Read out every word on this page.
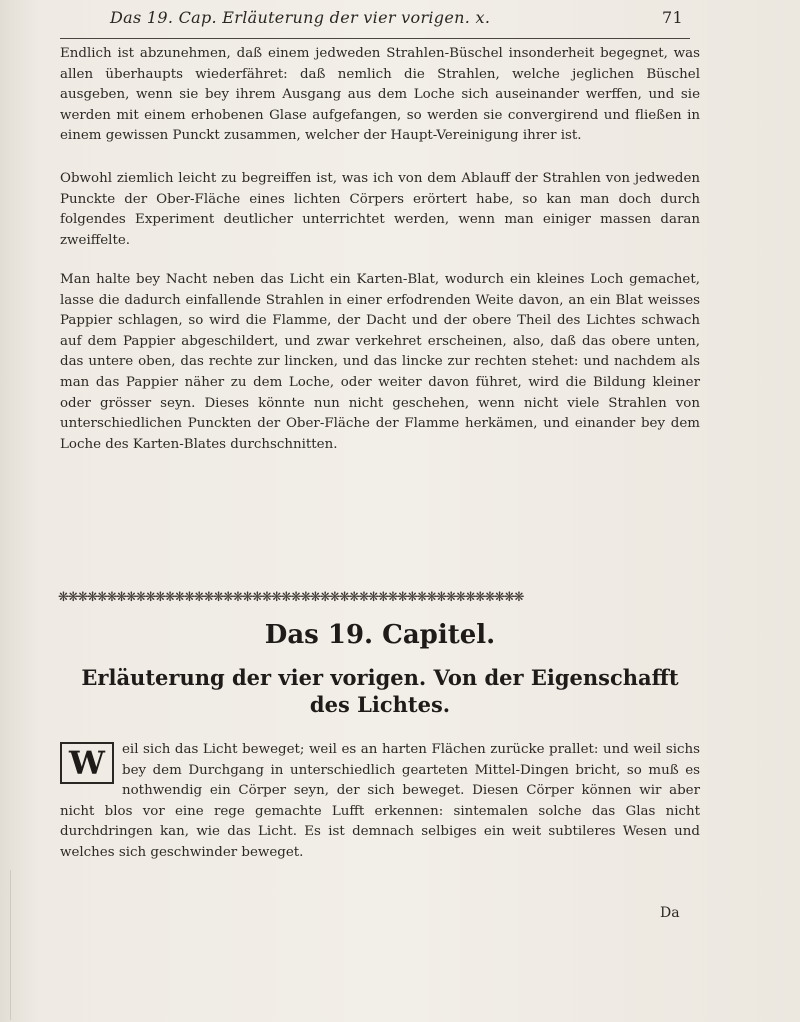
Das 19. Cap. Erläuterung der vier vorigen. x.	71
Endlich ist abzunehmen, daß einem jedweden Strahlen-Büschel insonderheit begegnet, was allen überhaupts wiederfähret: daß nemlich die Strahlen, welche jeglichen Büschel ausgeben, wenn sie bey ihrem Ausgang aus dem Loche sich auseinander werffen, und sie werden mit einem erhobenen Glase aufgefangen, so werden sie convergirend und fließen in einem gewissen Punckt zusammen, welcher der Haupt-Vereinigung ihrer ist.
Obwohl ziemlich leicht zu begreiffen ist, was ich von dem Ablauff der Strahlen von jedweden Punckte der Ober-Fläche eines lichten Cörpers erörtert habe, so kan man doch durch folgendes Experiment deutlicher unterrichtet werden, wenn man einiger massen daran zweiffelte.
Man halte bey Nacht neben das Licht ein Karten-Blat, wodurch ein kleines Loch gemachet, lasse die dadurch einfallende Strahlen in einer erfodrenden Weite davon, an ein Blat weisses Pappier schlagen, so wird die Flamme, der Dacht und der obere Theil des Lichtes schwach auf dem Pappier abgeschildert, und zwar verkehret erscheinen, also, daß das obere unten, das untere oben, das rechte zur lincken, und das lincke zur rechten stehet: und nachdem als man das Pappier näher zu dem Loche, oder weiter davon führet, wird die Bildung kleiner oder grösser seyn. Dieses könnte nun nicht geschehen, wenn nicht viele Strahlen von unterschiedlichen Punckten der Ober-Fläche der Flamme herkämen, und einander bey dem Loche des Karten-Blates durchschnitten.
❋❋❋❋❋❋❋❋❋❋❋❋❋❋❋❋❋❋❋❋❋❋❋❋❋❋❋❋❋❋❋❋❋❋❋❋❋❋❋❋❋❋❋❋❋❋❋❋
Das 19. Capitel.
Erläuterung der vier vorigen. Von der Eigenschafft des Lichtes.
W	eil sich das Licht beweget; weil es an harten Flächen zurücke prallet: und weil sichs bey dem Durchgang in unterschiedlich gearteten Mittel-Dingen bricht, so muß es nothwendig ein Cörper seyn, der sich beweget. Diesen Cörper können wir aber nicht blos vor eine rege gemachte Lufft erkennen: sintemalen solche das Glas nicht durchdringen kan, wie das Licht. Es ist demnach selbiges ein weit subtileres Wesen und welches sich geschwinder beweget.
Da
